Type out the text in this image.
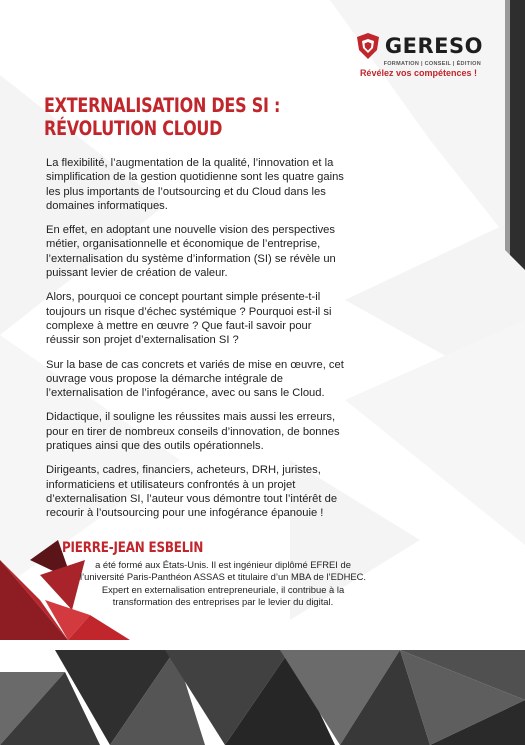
GERESO
FORMATION | CONSEIL | ÉDITION
Révélez vos compétences !
EXTERNALISATION DES SI :
RÉVOLUTION CLOUD

La flexibilité, l’augmentation de la qualité, l’innovation et la simplification de la gestion quotidienne sont les quatre gains les plus importants de l’outsourcing et du Cloud dans les domaines informatiques.

En effet, en adoptant une nouvelle vision des perspectives métier, organisationnelle et économique de l’entreprise, l’externalisation du système d’information (SI) se révèle un puissant levier de création de valeur.

Alors, pourquoi ce concept pourtant simple présente-t-il toujours un risque d’échec systémique ? Pourquoi est-il si complexe à mettre en œuvre ? Que faut-il savoir pour réussir son projet d’externalisation SI ?

Sur la base de cas concrets et variés de mise en œuvre, cet ouvrage vous propose la démarche intégrale de l’externalisation de l’infogérance, avec ou sans le Cloud.

Didactique, il souligne les réussites mais aussi les erreurs, pour en tirer de nombreux conseils d’innovation, de bonnes pratiques ainsi que des outils opérationnels.

Dirigeants, cadres, financiers, acheteurs, DRH, juristes, informaticiens et utilisateurs confrontés à un projet d’externalisation SI, l’auteur vous démontre tout l’intérêt de recourir à l’outsourcing pour une infogérance épanouie !

PIERRE-JEAN ESBELIN
a été formé aux États-Unis. Il est ingénieur diplômé EFREI de l’université Paris-Panthéon ASSAS et titulaire d’un MBA de l’EDHEC. Expert en externalisation entrepreneuriale, il contribue à la transformation des entreprises par le levier du digital.
